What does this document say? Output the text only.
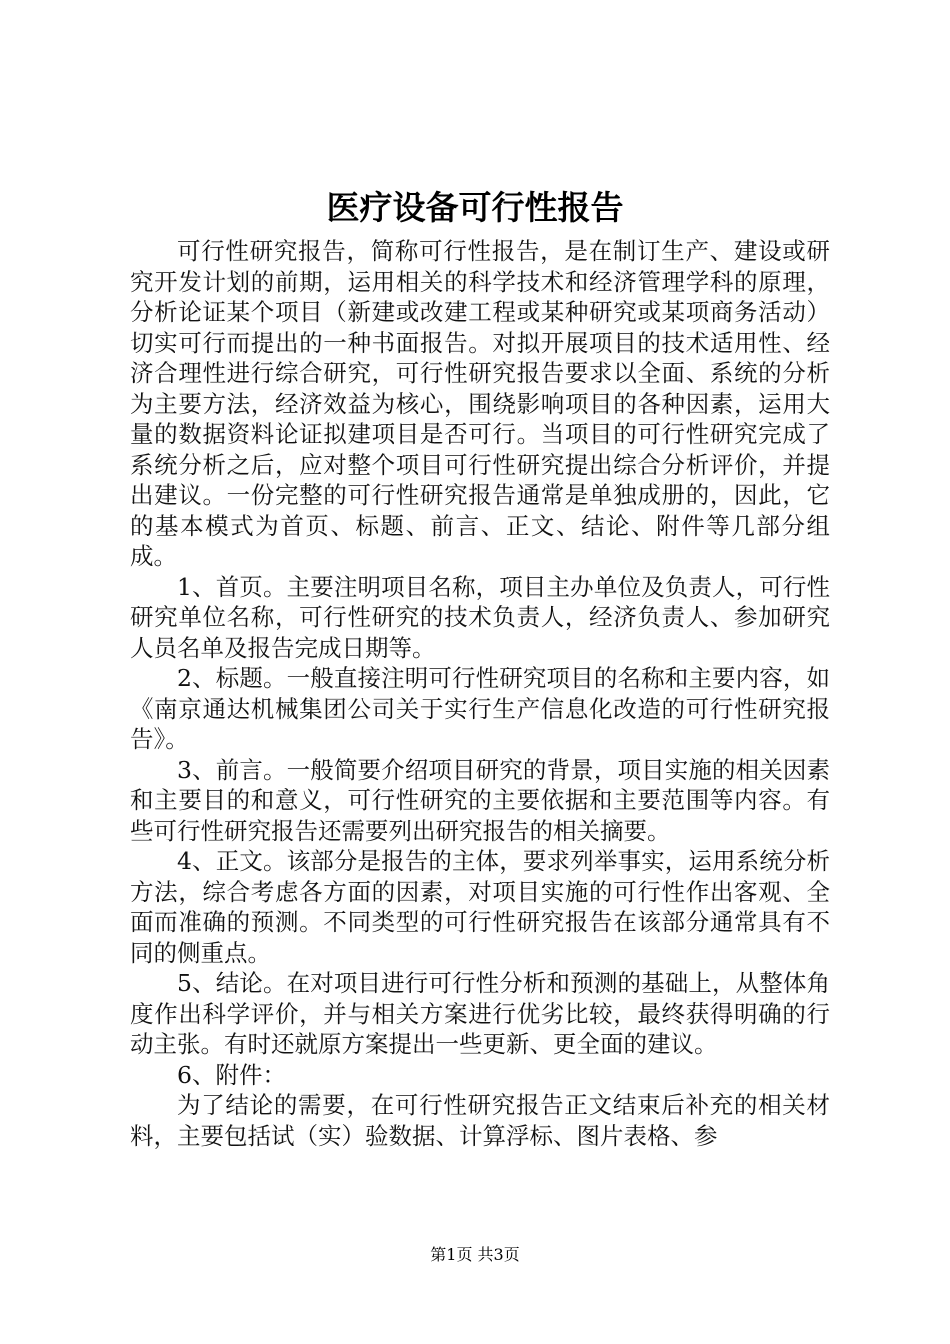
医疗设备可行性报告

可行性研究报告，简称可行性报告，是在制订生产、建设或研究开发计划的前期，运用相关的科学技术和经济管理学科的原理，分析论证某个项目（新建或改建工程或某种研究或某项商务活动）切实可行而提出的一种书面报告。对拟开展项目的技术适用性、经济合理性进行综合研究，可行性研究报告要求以全面、系统的分析为主要方法，经济效益为核心，围绕影响项目的各种因素，运用大量的数据资料论证拟建项目是否可行。当项目的可行性研究完成了系统分析之后，应对整个项目可行性研究提出综合分析评价，并提出建议。一份完整的可行性研究报告通常是单独成册的，因此，它的基本模式为首页、标题、前言、正文、结论、附件等几部分组成。

1、首页。主要注明项目名称，项目主办单位及负责人，可行性研究单位名称，可行性研究的技术负责人，经济负责人、参加研究人员名单及报告完成日期等。

2、标题。一般直接注明可行性研究项目的名称和主要内容，如《南京通达机械集团公司关于实行生产信息化改造的可行性研究报告》。

3、前言。一般简要介绍项目研究的背景，项目实施的相关因素和主要目的和意义，可行性研究的主要依据和主要范围等内容。有些可行性研究报告还需要列出研究报告的相关摘要。

4、正文。该部分是报告的主体，要求列举事实，运用系统分析方法，综合考虑各方面的因素，对项目实施的可行性作出客观、全面而准确的预测。不同类型的可行性研究报告在该部分通常具有不同的侧重点。

5、结论。在对项目进行可行性分析和预测的基础上，从整体角度作出科学评价，并与相关方案进行优劣比较，最终获得明确的行动主张。有时还就原方案提出一些更新、更全面的建议。

6、附件：

为了结论的需要，在可行性研究报告正文结束后补充的相关材料，主要包括试（实）验数据、计算浮标、图片表格、参

第1页 共3页
